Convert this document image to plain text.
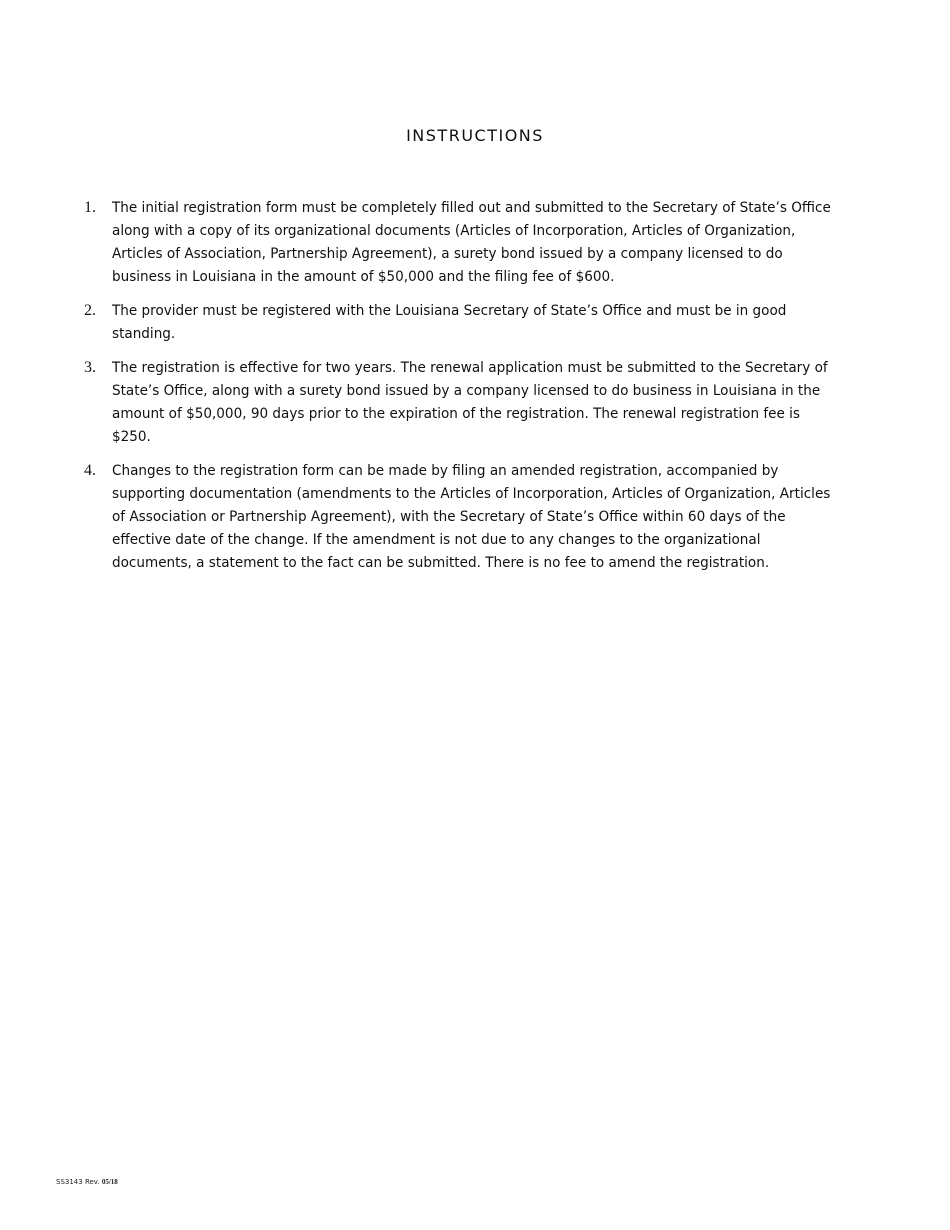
INSTRUCTIONS
1.	The initial registration form must be completely filled out and submitted to the Secretary of State’s Office along with a copy of its organizational documents (Articles of Incorporation, Articles of Organization, Articles of Association, Partnership Agreement), a surety bond issued by a company licensed to do business in Louisiana in the amount of $50,000 and the filing fee of $600.
2.	The provider must be registered with the Louisiana Secretary of State’s Office and must be in good standing.
3.	The registration is effective for two years. The renewal application must be submitted to the Secretary of State’s Office, along with a surety bond issued by a company licensed to do business in Louisiana in the amount of $50,000, 90 days prior to the expiration of the registration. The renewal registration fee is $250.
4.	Changes to the registration form can be made by filing an amended registration, accompanied by supporting documentation (amendments to the Articles of Incorporation, Articles of Organization, Articles of Association or Partnership Agreement), with the Secretary of State’s Office within 60 days of the effective date of the change. If the amendment is not due to any changes to the organizational documents, a statement to the fact can be submitted. There is no fee to amend the registration.
SS3143 Rev. 05/18
